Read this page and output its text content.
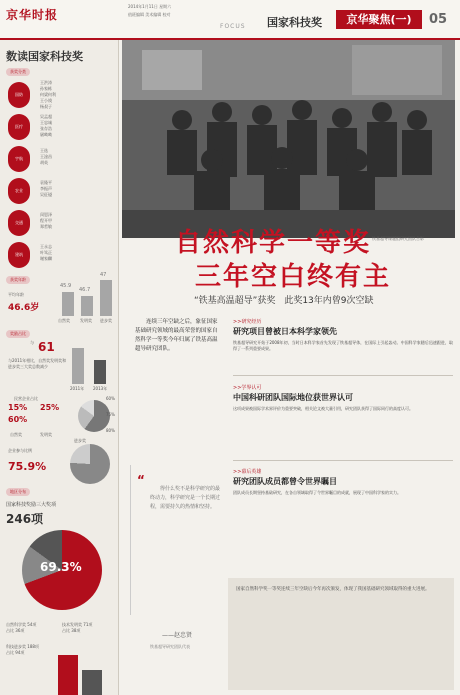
京华时报
2014年1月11日 星期六
值班编辑 美术编辑 校对
FOCUS 国家科技奖	京华聚焦(一)	05
数读国家科技奖
获奖分类
国防
王洪涛
孙家栋
何梁何利
王小谟
杨叔子
医疗
吴孟超
王忠诚
张存浩
屠呦呦
宇航
王选
王淦昌
胡英
农业
袁隆平
李振声
吴征镒
交通
闵恩泽
程开甲
郑哲敏
建筑
王永志
叶笃正
谢家麟
获奖年龄
平均年龄
46.6岁
45.9
46.7
47
自然奖	发明奖 进步奖
奖励占比
与 61
与2011年相比，自然奖发明奖和进步奖三大奖总数减少
2011年 2013年
民营企业占比
15% 25%
60%
60%
75%
80%
自然奖	发明奖
进步奖
企业参与比例
75.9%
地区分布
国家科技奖励三大奖项
246项
69.3%
自然科学奖 54项
占比 36项
技术发明奖 71项
占比 38项
科技进步奖 188项
占比 94项
铁基超导课题组研究团队合影
自然科学一等奖
三年空白终有主
“铁基高温超导”获奖　此奖13年内曾9次空缺
连续三年空缺之后，象征国家基础研究领域的最高荣誉的国家自然科学一等奖今年归属了铁基高温超导研究团队。
>>研究经历
研究项目曾被日本科学家领先
铁基超导研究开始于2008年初，当时日本科学家首先发现了铁基超导体，在国际上引起轰动。中国科学家随后迅速跟进，取得了一系列重要成果。
>>学界认可
中国科研团队国际地位获世界认可
这项成果被国际学术界评价为重要突破，相关论文被大量引用，研究团队获得了国际同行的高度认可。
>>幕后英雄
研究团队成员都曾令世界瞩目
团队成员长期坚持基础研究，在各自领域取得了令世界瞩目的成就，展现了中国科学家的实力。
“
得什么奖不是科学研究的最终动力，科学研究是一个长期过程，需要持久的热情和坚持。
——赵忠贤
铁基超导研究团队代表
国家自然科学奖一等奖连续三年空缺后今年再次颁发，体现了我国基础研究领域取得的重大进展。
